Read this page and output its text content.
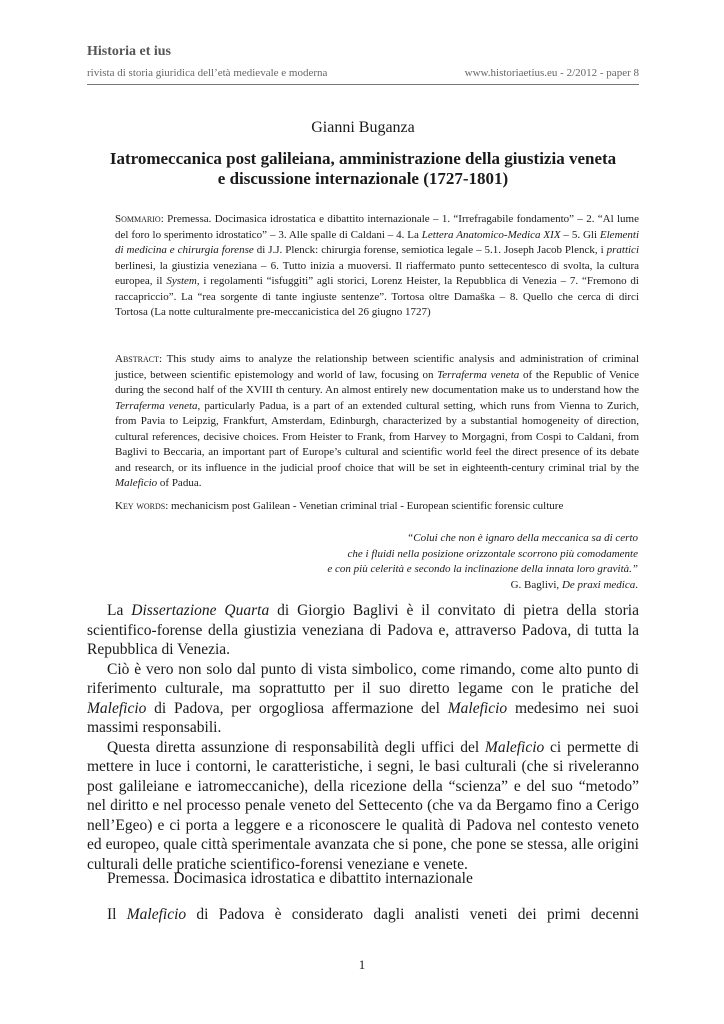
Historia et ius
rivista di storia giuridica dell’età medievale e moderna	www.historiaetius.eu - 2/2012 - paper 8
Gianni Buganza
Iatromeccanica post galileiana, amministrazione della giustizia veneta
e discussione internazionale (1727-1801)
Sommario: Premessa. Docimasica idrostatica e dibattito internazionale – 1. “Irrefragabile fondamento” – 2. “Al lume del foro lo sperimento idrostatico” – 3. Alle spalle di Caldani – 4. La Lettera Anatomico-Medica XIX – 5. Gli Elementi di medicina e chirurgia forense di J.J. Plenck: chirurgia forense, semiotica legale – 5.1. Joseph Jacob Plenck, i prattici berlinesi, la giustizia veneziana – 6. Tutto inizia a muoversi. Il riaffermato punto settecentesco di svolta, la cultura europea, il System, i regolamenti “isfuggiti” agli storici, Lorenz Heister, la Repubblica di Venezia – 7. “Fremono di raccapriccio”. La “rea sorgente di tante ingiuste sentenze”. Tortosa oltre Damaška – 8. Quello che cerca di dirci Tortosa (La notte culturalmente pre-meccanicistica del 26 giugno 1727)
Abstract: This study aims to analyze the relationship between scientific analysis and administration of criminal justice, between scientific epistemology and world of law, focusing on Terraferma veneta of the Republic of Venice during the second half of the XVIII th century. An almost entirely new documentation make us to understand how the Terraferma veneta, particularly Padua, is a part of an extended cultural setting, which runs from Vienna to Zurich, from Pavia to Leipzig, Frankfurt, Amsterdam, Edinburgh, characterized by a substantial homogeneity of direction, cultural references, decisive choices. From Heister to Frank, from Harvey to Morgagni, from Cospi to Caldani, from Baglivi to Beccaria, an important part of Europe’s cultural and scientific world feel the direct presence of its debate and research, or its influence in the judicial proof choice that will be set in eighteenth-century criminal trial by the Maleficio of Padua.
Key words: mechanicism post Galilean - Venetian criminal trial - European scientific forensic culture
“Colui che non è ignaro della meccanica sa di certo
che i fluidi nella posizione orizzontale scorrono più comodamente
e con più celerità e secondo la inclinazione della innata loro gravità.”
G. Baglivi, De praxi medica.

La Dissertazione Quarta di Giorgio Baglivi è il convitato di pietra della storia scientifico-forense della giustizia veneziana di Padova e, attraverso Padova, di tutta la Repubblica di Venezia.

Ciò è vero non solo dal punto di vista simbolico, come rimando, come alto punto di riferimento culturale, ma soprattutto per il suo diretto legame con le pratiche del Maleficio di Padova, per orgogliosa affermazione del Maleficio medesimo nei suoi massimi responsabili.

Questa diretta assunzione di responsabilità degli uffici del Maleficio ci permette di mettere in luce i contorni, le caratteristiche, i segni, le basi culturali (che si riveleranno post galileiane e iatromeccaniche), della ricezione della “scienza” e del suo “metodo” nel diritto e nel processo penale veneto del Settecento (che va da Bergamo fino a Cerigo nell’Egeo) e ci porta a leggere e a riconoscere le qualità di Padova nel contesto veneto ed europeo, quale città sperimentale avanzata che si pone, che pone se stessa, alle origini culturali delle pratiche scientifico-forensi veneziane e venete.

Premessa. Docimasica idrostatica e dibattito internazionale
Il Maleficio di Padova è considerato dagli analisti veneti dei primi decenni
1
